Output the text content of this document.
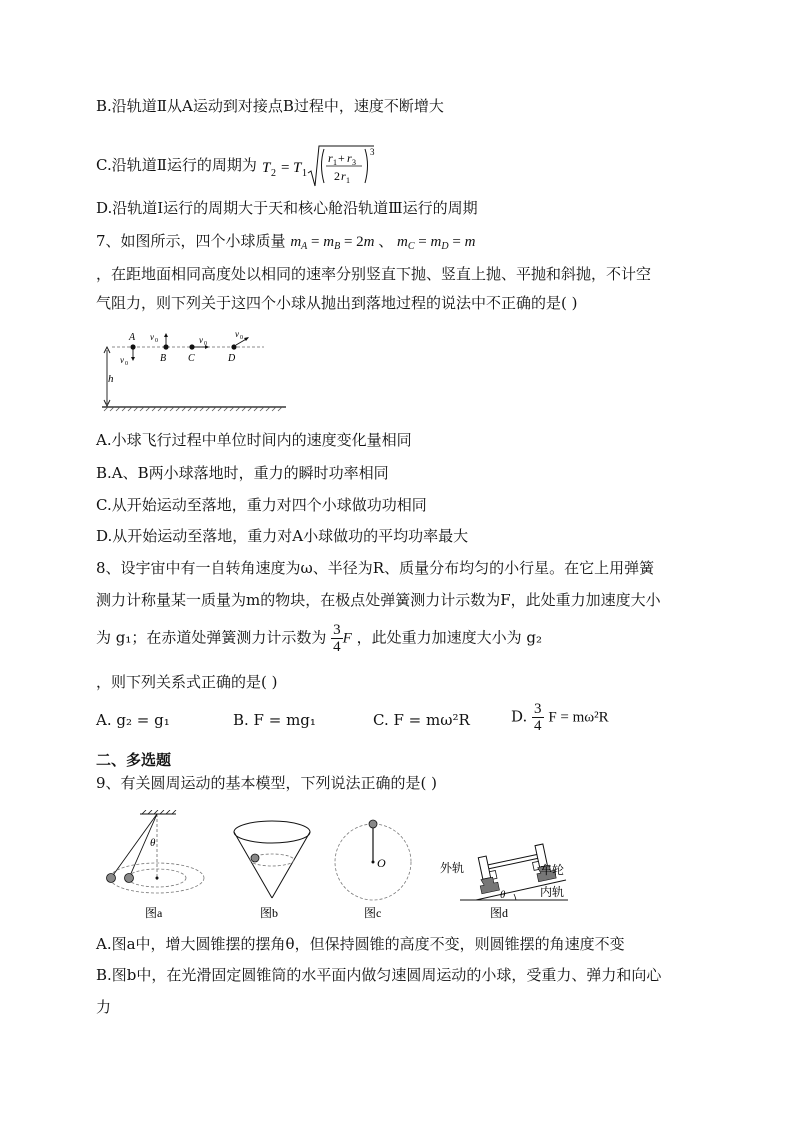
B.沿轨道Ⅱ从A运动到对接点B过程中，速度不断增大
C.沿轨道Ⅱ运行的周期为 T 2 = T 1
r 1 + r 3
2 r 1
3
D.沿轨道Ⅰ运行的周期大于天和核心舱沿轨道Ⅲ运行的周期
7、如图所示，四个小球质量 $m_A = m_B = 2m$ 、 $m_C = m_D = m$
，在距地面相同高度处以相同的速率分别竖直下抛、竖直上抛、平抛和斜抛，不计空
气阻力，则下列关于这四个小球从抛出到落地过程的说法中不正确的是( )
h
A
v 0
v 0
B
v 0
C
v 0
D
A.小球飞行过程中单位时间内的速度变化量相同
B.A、B两小球落地时，重力的瞬时功率相同
C.从开始运动至落地，重力对四个小球做功功相同
D.从开始运动至落地，重力对A小球做功的平均功率最大
8、设宇宙中有一自转角速度为ω、半径为R、质量分布均匀的小行星。在它上用弹簧
测力计称量某一质量为m的物块，在极点处弹簧测力计示数为F，此处重力加速度大小
为 g₁；在赤道处弹簧测力计示数为 $\frac{3}{4}$ F ，此处重力加速度大小为 g₂
，则下列关系式正确的是( )
A. g₂ = g₁	B. F = mg₁	C. F = mω²R	D. $\frac{3}{4}$ F = mω²R
二、多选题
9、有关圆周运动的基本模型，下列说法正确的是( )
θ
图a	图b
O
图c
θ
外轨	车轮
内轨
图d
A.图a中，增大圆锥摆的摆角θ，但保持圆锥的高度不变，则圆锥摆的角速度不变
B.图b中，在光滑固定圆锥筒的水平面内做匀速圆周运动的小球，受重力、弹力和向心
力
